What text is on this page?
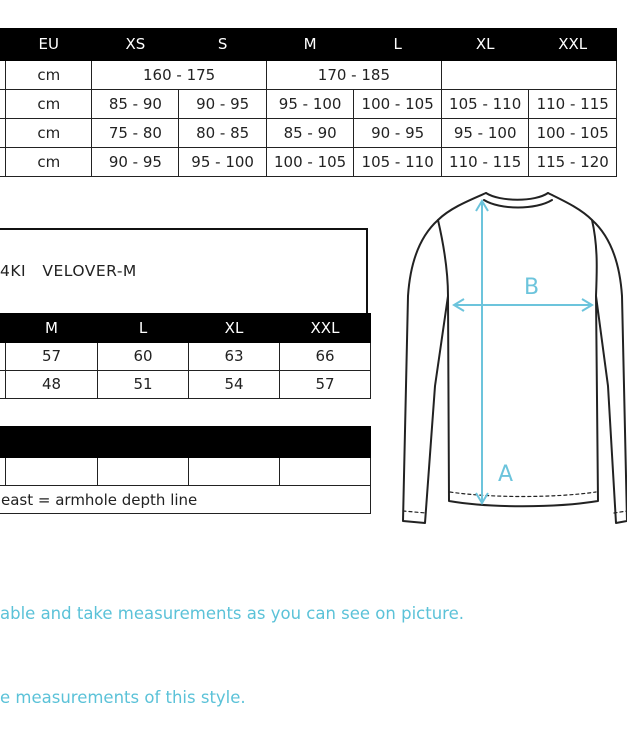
	EU	XS	S	M	L	XL	XXL
	cm	160 - 175		170 - 185			
	cm	85 - 90	90 - 95	95 - 100	100 - 105	105 - 110	110 - 115
	cm	75 - 80	80 - 85	85 - 90	90 - 95	95 - 100	100 - 105
	cm	90 - 95	95 - 100	100 - 105	105 - 110	110 - 115	115 - 120
4KI   VELOVER-M
	M	L	XL	XXL
	57	60	63	66
	48	51	54	57

east = armhole depth line				

able and take measurements as you can see on picture.

e measurements of this style.

A
B
